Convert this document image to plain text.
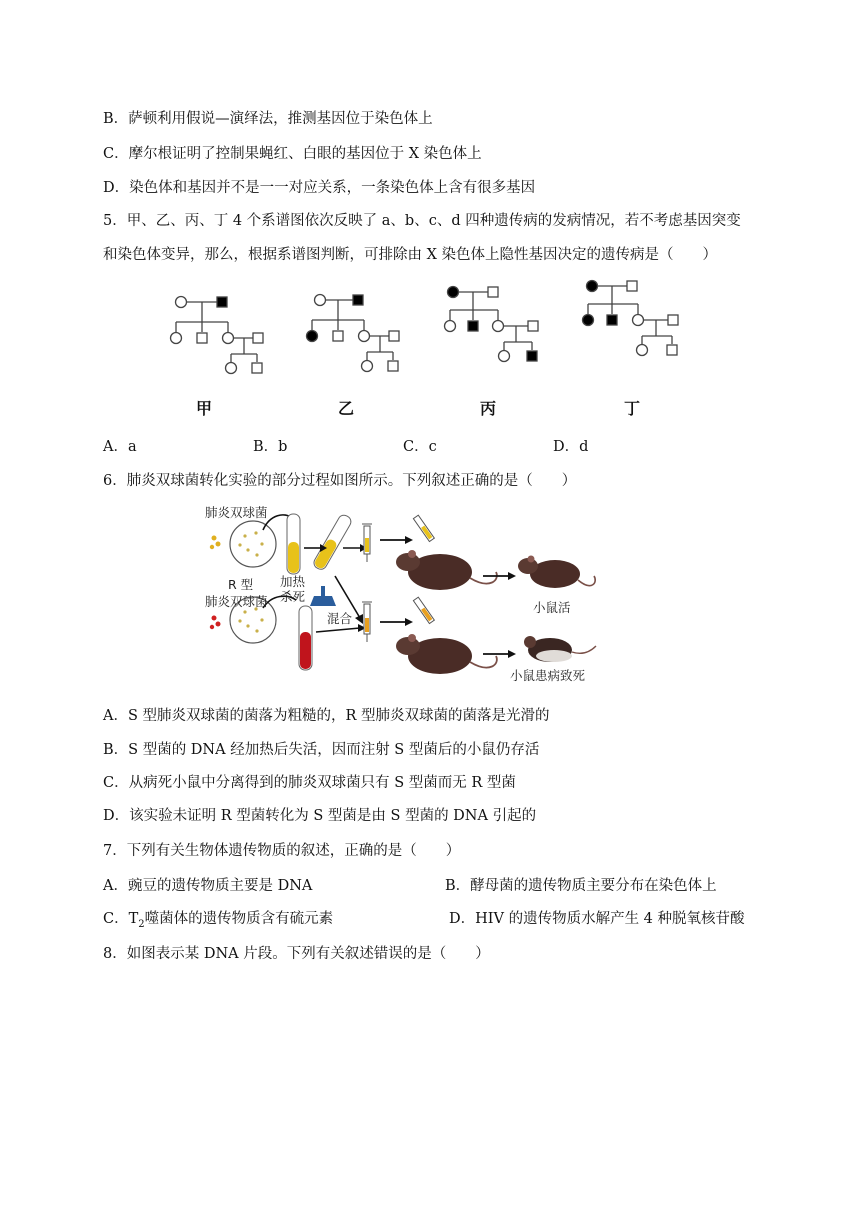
B．萨顿利用假说—演绎法，推测基因位于染色体上
C．摩尔根证明了控制果蝇红、白眼的基因位于 X 染色体上
D．染色体和基因并不是一一对应关系，一条染色体上含有很多基因
5．甲、乙、丙、丁 4 个系谱图依次反映了 a、b、c、d 四种遗传病的发病情况，若不考虑基因突变
和染色体变异，那么，根据系谱图判断，可排除由 X 染色体上隐性基因决定的遗传病是（　　）
甲	乙	丙	丁
A．a	B．b	C．c	D．d
6．肺炎双球菌转化实验的部分过程如图所示。下列叙述正确的是（　　）
肺炎双球菌
R 型
肺炎双球菌
加热
杀死
混合
小鼠活
小鼠患病致死
A．S 型肺炎双球菌的菌落为粗糙的，R 型肺炎双球菌的菌落是光滑的
B．S 型菌的 DNA 经加热后失活，因而注射 S 型菌后的小鼠仍存活
C．从病死小鼠中分离得到的肺炎双球菌只有 S 型菌而无 R 型菌
D．该实验未证明 R 型菌转化为 S 型菌是由 S 型菌的 DNA 引起的
7．下列有关生物体遗传物质的叙述，正确的是（　　）
A．豌豆的遗传物质主要是 DNA	B．酵母菌的遗传物质主要分布在染色体上
C．$T_2$噬菌体的遗传物质含有硫元素	D．HIV 的遗传物质水解产生 4 种脱氧核苷酸
8．如图表示某 DNA 片段。下列有关叙述错误的是（　　）
